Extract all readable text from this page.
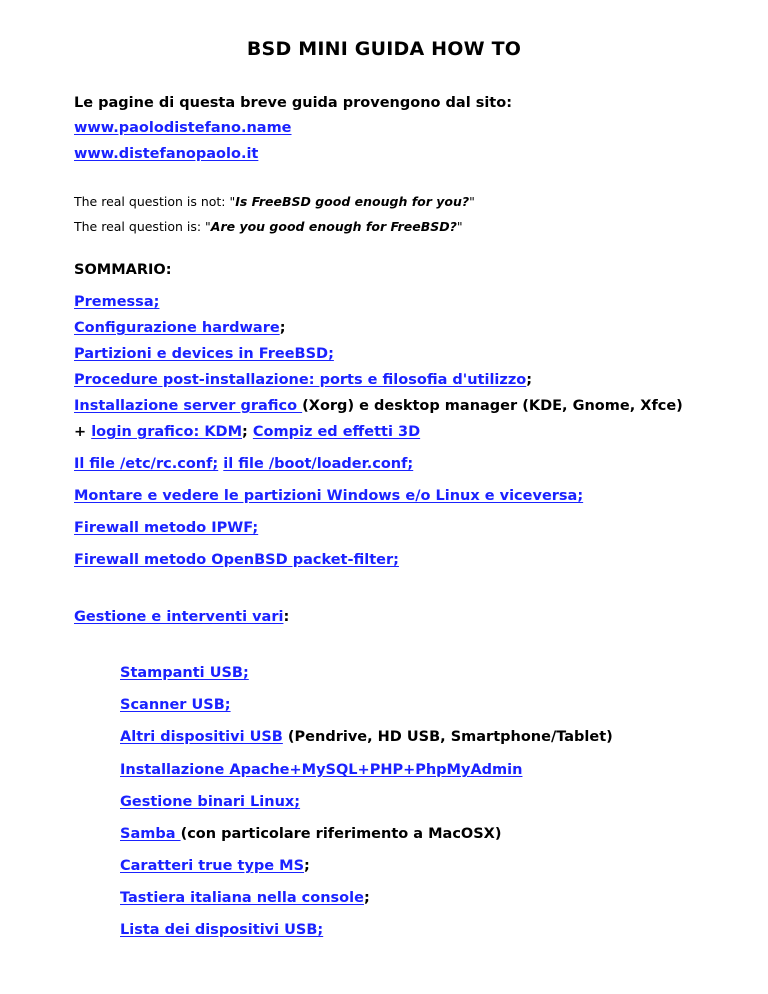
BSD MINI GUIDA HOW TO
Le pagine di questa breve guida provengono dal sito:
www.paolodistefano.name
www.distefanopaolo.it
The real question is not: "Is FreeBSD good enough for you?"
The real question is: "Are you good enough for FreeBSD?"
SOMMARIO:
Premessa;
Configurazione hardware;
Partizioni e devices in FreeBSD;
Procedure post-installazione: ports e filosofia d'utilizzo;
Installazione server grafico (Xorg) e desktop manager (KDE, Gnome, Xfce)
+ login grafico: KDM; Compiz ed effetti 3D
Il file /etc/rc.conf; il file /boot/loader.conf;
Montare e vedere le partizioni Windows e/o Linux e viceversa;
Firewall metodo IPWF;
Firewall metodo OpenBSD packet-filter;
Gestione e interventi vari:
Stampanti USB;
Scanner USB;
Altri dispositivi USB (Pendrive, HD USB, Smartphone/Tablet)
Installazione Apache+MySQL+PHP+PhpMyAdmin
Gestione binari Linux;
Samba (con particolare riferimento a MacOSX)
Caratteri true type MS;
Tastiera italiana nella console;
Lista dei dispositivi USB;
